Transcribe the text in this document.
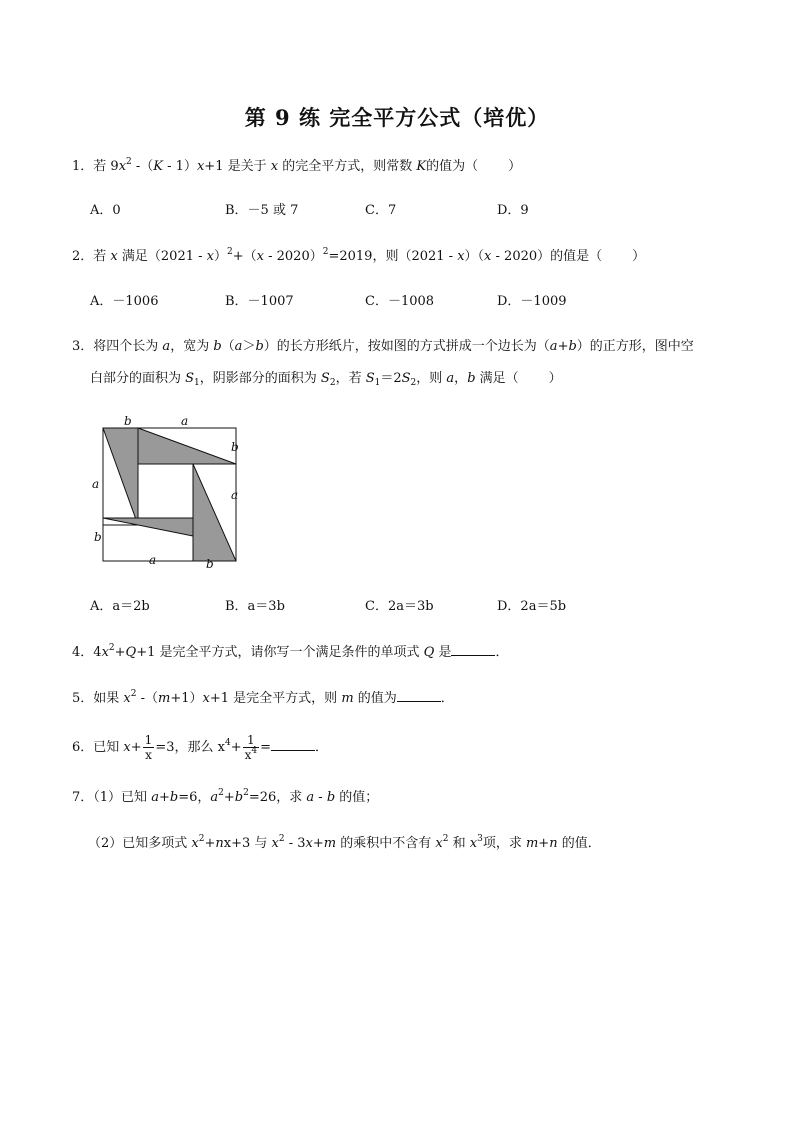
第 9 练 完全平方公式（培优）
1．若 $9x^2$ -（K - 1）x+1 是关于 x 的完全平方式，则常数 K的值为（ ）
A．0	B．－5 或 7	C．7	D．9
2．若 x 满足（2021 - x）$^2$+（x - 2020）$^2$=2019，则（2021 - x）（x - 2020）的值是（ ）
A．－1006	B．－1007	C．－1008	D．－1009
3．将四个长为 a，宽为 b（a＞b）的长方形纸片，按如图的方式拼成一个边长为（a+b）的正方形，图中空
白部分的面积为 $S_1$，阴影部分的面积为 $S_2$，若 $S_1=2S_2$，则 a，b 满足（ ）
b	a
b
a
a
b
a	b
A．a＝2b	B．a＝3b	C．2a＝3b	D．2a＝5b
4．$4x^2+Q+1$ 是完全平方式，请你写一个满足条件的单项式 Q 是	．
5．如果 $x^2$ -（m+1）x+1 是完全平方式，则 m 的值为	．
6．已知 $x+ \frac{1}{x} =3$，那么 $x^4+ \frac{1}{x^4}$ =	．
7．（1）已知 a+b=6，$a^2+b^2=26$，求 a - b 的值；
（2）已知多项式 $x^2+nx+3$ 与 $x^2 - 3x+m$ 的乘积中不含有 $x^2$ 和 $x^3$项，求 m+n 的值．
